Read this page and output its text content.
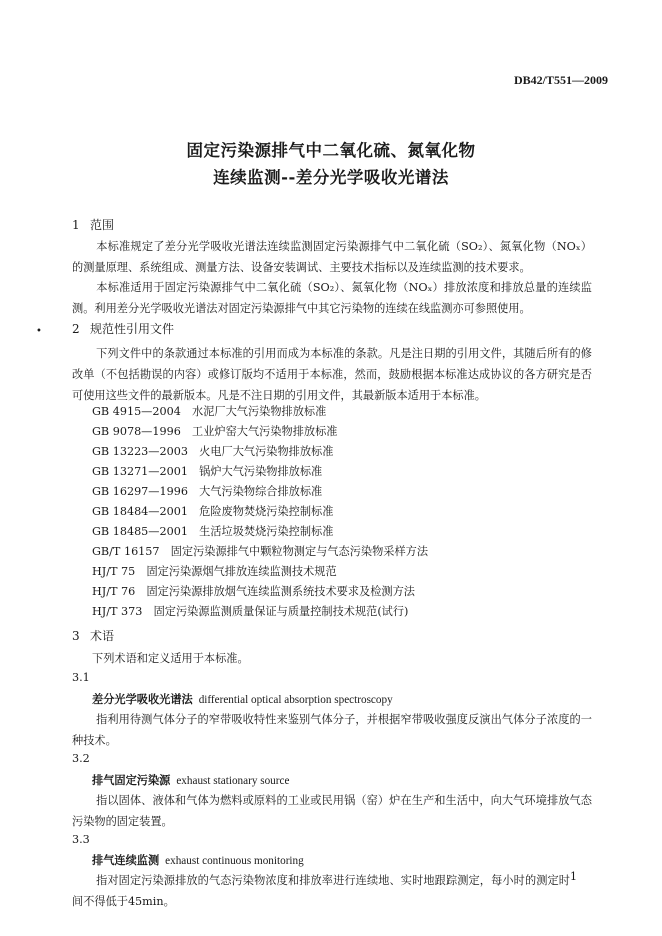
DB42/T551—2009
固定污染源排气中二氧化硫、氮氧化物
连续监测--差分光学吸收光谱法
1 范围
本标准规定了差分光学吸收光谱法连续监测固定污染源排气中二氧化硫（SO₂）、氮氧化物（NOₓ）的测量原理、系统组成、测量方法、设备安装调试、主要技术指标以及连续监测的技术要求。
本标准适用于固定污染源排气中二氧化硫（SO₂）、氮氧化物（NOₓ）排放浓度和排放总量的连续监测。利用差分光学吸收光谱法对固定污染源排气中其它污染物的连续在线监测亦可参照使用。
•	2 规范性引用文件
下列文件中的条款通过本标准的引用而成为本标准的条款。凡是注日期的引用文件，其随后所有的修改单（不包括勘误的内容）或修订版均不适用于本标准，然而，鼓励根据本标准达成协议的各方研究是否可使用这些文件的最新版本。凡是不注日期的引用文件，其最新版本适用于本标准。
GB 4915—2004　水泥厂大气污染物排放标准
GB 9078—1996　工业炉窑大气污染物排放标准
GB 13223—2003　火电厂大气污染物排放标准
GB 13271—2001　锅炉大气污染物排放标准
GB 16297—1996　大气污染物综合排放标准
GB 18484—2001　危险废物焚烧污染控制标准
GB 18485—2001　生活垃圾焚烧污染控制标准
GB/T 16157　固定污染源排气中颗粒物测定与气态污染物采样方法
HJ/T 75　固定污染源烟气排放连续监测技术规范
HJ/T 76　固定污染源排放烟气连续监测系统技术要求及检测方法
HJ/T 373　固定污染源监测质量保证与质量控制技术规范(试行)
3 术语
下列术语和定义适用于本标准。
3.1
差分光学吸收光谱法 differential optical absorption spectroscopy
指利用待测气体分子的窄带吸收特性来鉴别气体分子，并根据窄带吸收强度反演出气体分子浓度的一种技术。
3.2
排气固定污染源 exhaust stationary source
指以固体、液体和气体为燃料或原料的工业或民用锅（窑）炉在生产和生活中，向大气环境排放气态污染物的固定装置。
3.3
排气连续监测 exhaust continuous monitoring
指对固定污染源排放的气态污染物浓度和排放率进行连续地、实时地跟踪测定，每小时的测定时间不得低于45min。
1
